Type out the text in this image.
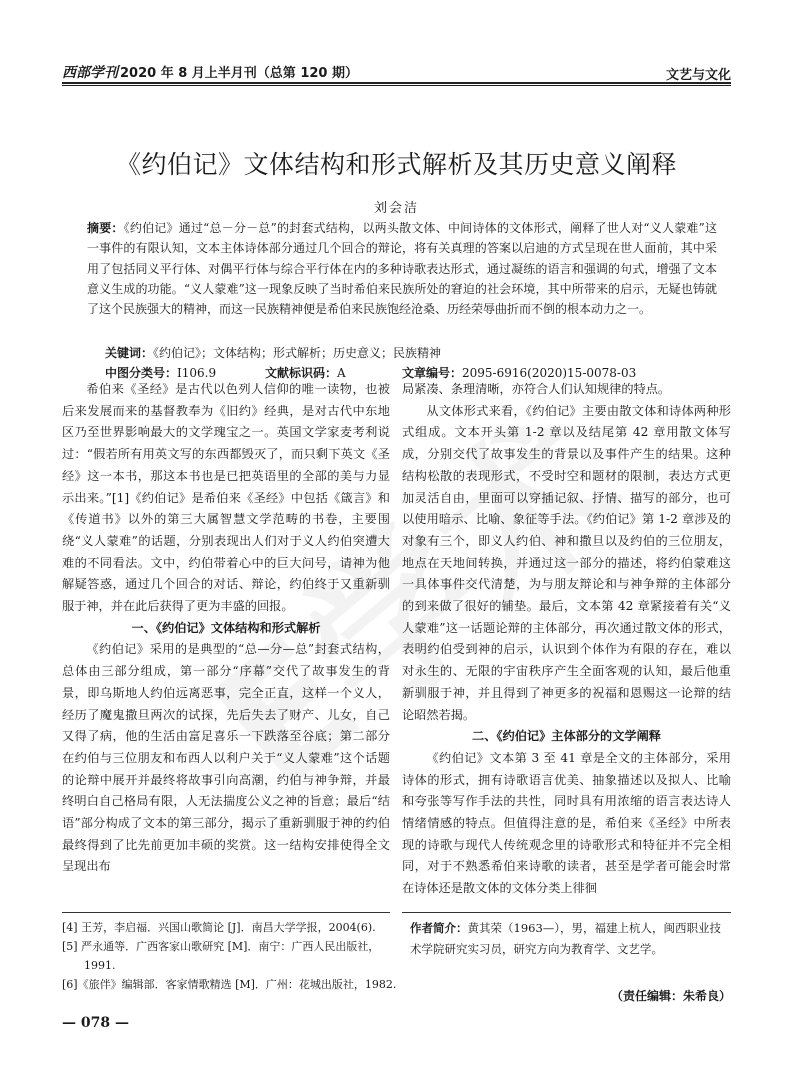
西部学刊 2020 年 8 月上半月刊（总第 120 期）	文艺与文化
《约伯记》文体结构和形式解析及其历史意义阐释
刘会洁
摘要：《约伯记》通过“总－分－总”的封套式结构，以两头散文体、中间诗体的文体形式，阐释了世人对“义人蒙难”这一事件的有限认知，文本主体诗体部分通过几个回合的辩论，将有关真理的答案以启迪的方式呈现在世人面前，其中采用了包括同义平行体、对偶平行体与综合平行体在内的多种诗歌表达形式，通过凝练的语言和强调的句式，增强了文本意义生成的功能。“义人蒙难”这一现象反映了当时希伯来民族所处的窘迫的社会环境，其中所带来的启示，无疑也铸就了这个民族强大的精神，而这一民族精神便是希伯来民族饱经沧桑、历经荣辱曲折而不倒的根本动力之一。
关键词：《约伯记》；文体结构；形式解析；历史意义；民族精神
中图分类号：I106.9	文献标识码：A	文章编号：2095-6916(2020)15-0078-03

希伯来《圣经》是古代以色列人信仰的唯一读物，也被后来发展而来的基督教奉为《旧约》经典，是对古代中东地区乃至世界影响最大的文学瑰宝之一。英国文学家麦考利说过：“假若所有用英文写的东西都毁灭了，而只剩下英文《圣经》这一本书，那这本书也是已把英语里的全部的美与力显示出来。”[1]《约伯记》是希伯来《圣经》中包括《箴言》和《传道书》以外的第三大属智慧文学范畴的书卷，主要围绕“义人蒙难”的话题，分别表现出人们对于义人约伯突遭大难的不同看法。文中，约伯带着心中的巨大问号，请神为他解疑答惑，通过几个回合的对话、辩论，约伯终于又重新驯服于神，并在此后获得了更为丰盛的回报。

一、《约伯记》文体结构和形式解析

《约伯记》采用的是典型的“总—分—总”封套式结构，总体由三部分组成，第一部分“序幕”交代了故事发生的背景，即乌斯地人约伯远离恶事，完全正直，这样一个义人，经历了魔鬼撒旦两次的试探，先后失去了财产、儿女，自己又得了病，他的生活由富足喜乐一下跌落至谷底；第二部分在约伯与三位朋友和布西人以利户关于“义人蒙难”这个话题的论辩中展开并最终将故事引向高潮，约伯与神争辩，并最终明白自己格局有限，人无法揣度公义之神的旨意；最后“结语”部分构成了文本的第三部分，揭示了重新驯服于神的约伯最终得到了比先前更加丰硕的奖赏。这一结构安排使得全文呈现出布

局紧凑、条理清晰，亦符合人们认知规律的特点。

从文体形式来看，《约伯记》主要由散文体和诗体两种形式组成。文本开头第 1-2 章以及结尾第 42 章用散文体写成，分别交代了故事发生的背景以及事件产生的结果。这种结构松散的表现形式，不受时空和题材的限制，表达方式更加灵活自由，里面可以穿插记叙、抒情、描写的部分，也可以使用暗示、比喻、象征等手法。《约伯记》第 1-2 章涉及的对象有三个，即义人约伯、神和撒旦以及约伯的三位朋友，地点在天地间转换，并通过这一部分的描述，将约伯蒙难这一具体事件交代清楚，为与朋友辩论和与神争辩的主体部分的到来做了很好的铺垫。最后，文本第 42 章紧接着有关“义人蒙难”这一话题论辩的主体部分，再次通过散文体的形式，表明约伯受到神的启示，认识到个体作为有限的存在，难以对永生的、无限的宇宙秩序产生全面客观的认知，最后他重新驯服于神，并且得到了神更多的祝福和恩赐这一论辩的结论昭然若揭。

二、《约伯记》主体部分的文学阐释

《约伯记》文本第 3 至 41 章是全文的主体部分，采用诗体的形式，拥有诗歌语言优美、抽象描述以及拟人、比喻和夸张等写作手法的共性，同时具有用浓缩的语言表达诗人情绪情感的特点。但值得注意的是，希伯来《圣经》中所表现的诗歌与现代人传统观念里的诗歌形式和特征并不完全相同，对于不熟悉希伯来诗歌的读者，甚至是学者可能会时常在诗体还是散文体的文体分类上徘徊

[4] 王芳，李启福．兴国山歌简论 [J]．南昌大学学报，2004(6).
[5] 严永通等．广西客家山歌研究 [M]．南宁：广西人民出版社，1991.
[6]《旅伴》编辑部．客家情歌精选 [M]．广州：花城出版社，1982.
作者简介：黄其荣（1963—），男，福建上杭人，闽西职业技术学院研究实习员，研究方向为教育学、文艺学。
（责任编辑：朱希良）
— 078 —
